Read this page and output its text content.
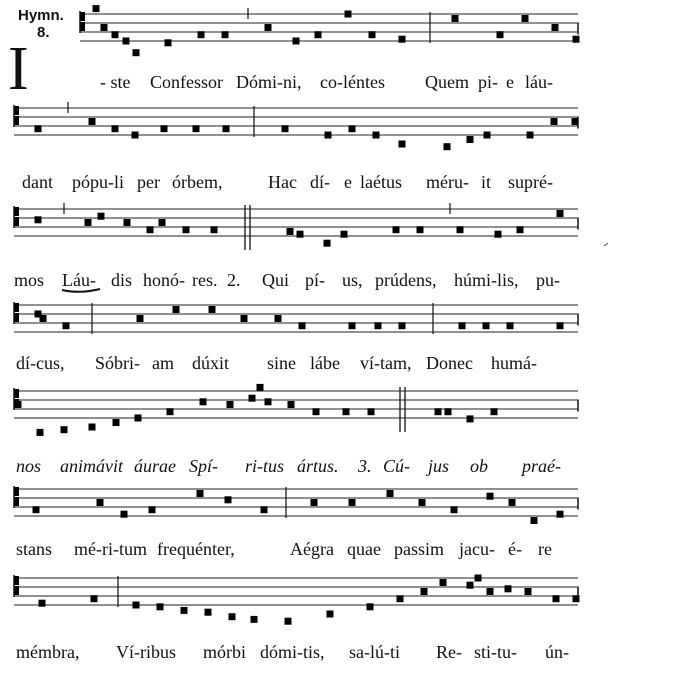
Hymn.
8.
I	- ste Confessor Dómi-ni, co-léntes Quem pi- e láu-
dant pópu-li per órbem,	Hac dí- e laétus méru- it supré-
mos Láu- dis honó- res. 2. Qui pí- us, prúdens, húmi-lis, pu-
dí-cus, Sóbri- am dúxit sine lábe ví-tam, Donec humá-
nos animávit áurae Spí- ri-tus ártus. 3. Cú- jus ob praé-
stans mé-ri-tum frequénter,	Aégra quae passim jacu- é- re
mémbra, Ví-ribus mórbi dómi-tis, sa-lú-ti Re- sti-tu- ún-
